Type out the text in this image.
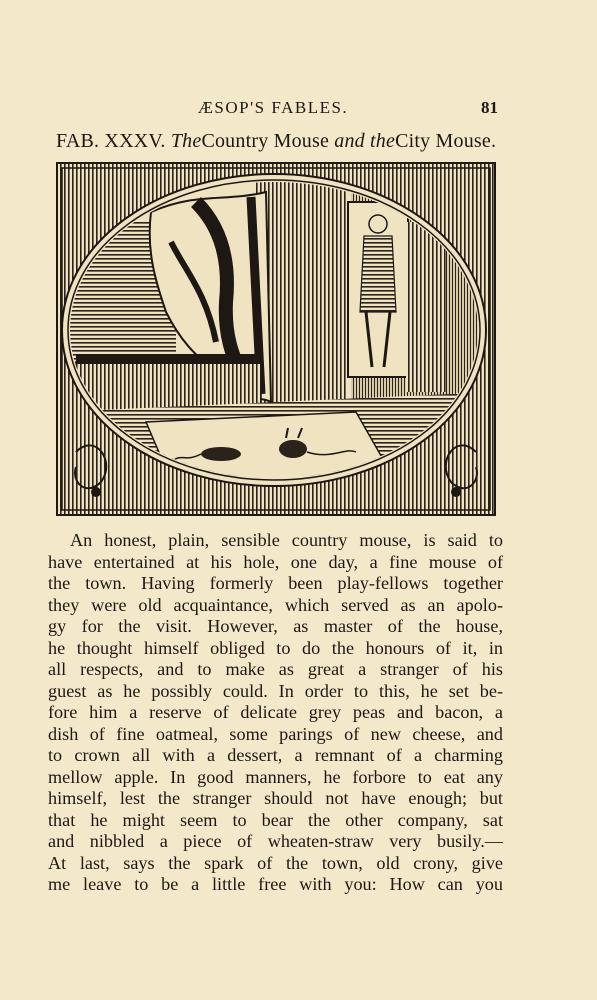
ÆSOP'S FABLES.	81
FAB. XXXV. TheCountry Mouse and theCity Mouse.
An honest, plain, sensible country mouse, is said to
have entertained at his hole, one day, a fine mouse of
the town. Having formerly been play-fellows together
they were old acquaintance, which served as an apolo-
gy for the visit. However, as master of the house,
he thought himself obliged to do the honours of it, in
all respects, and to make as great a stranger of his
guest as he possibly could. In order to this, he set be-
fore him a reserve of delicate grey peas and bacon, a
dish of fine oatmeal, some parings of new cheese, and
to crown all with a dessert, a remnant of a charming
mellow apple. In good manners, he forbore to eat any
himself, lest the stranger should not have enough; but
that he might seem to bear the other company, sat
and nibbled a piece of wheaten-straw very busily.—
At last, says the spark of the town, old crony, give
me leave to be a little free with you: How can you
